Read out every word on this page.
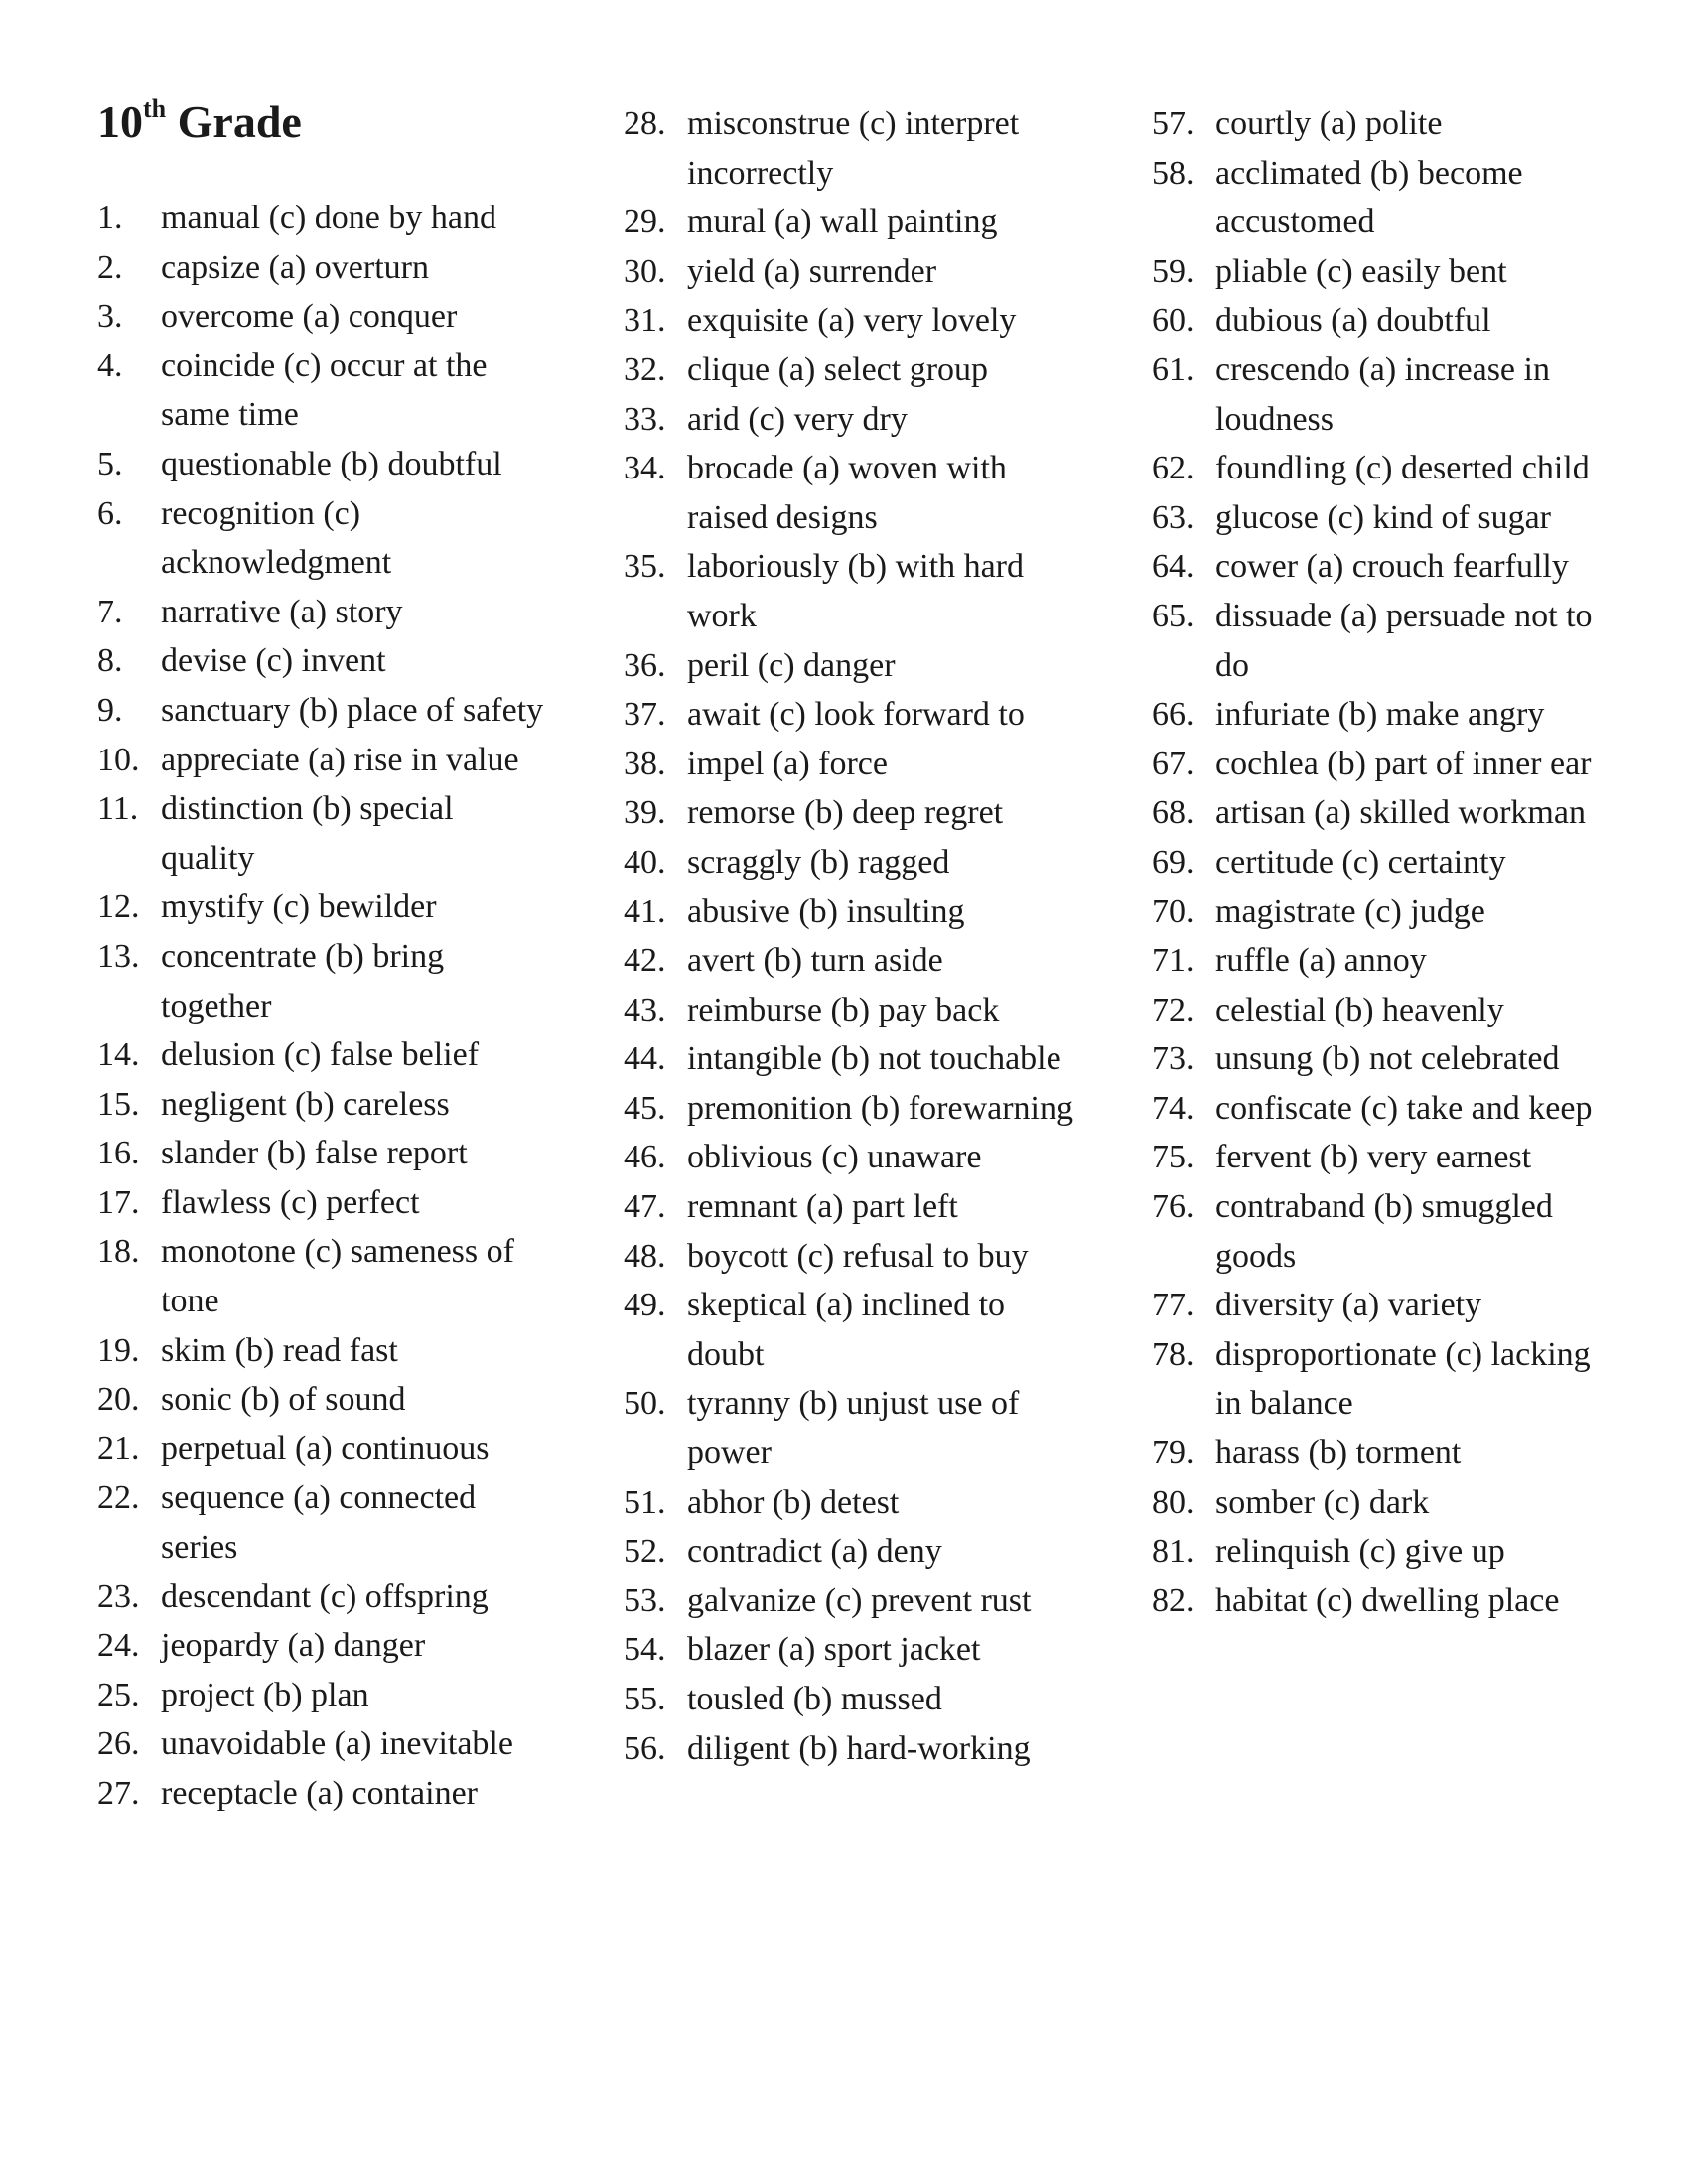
10th Grade
1.	manual (c) done by hand
2.	capsize (a) overturn
3.	overcome (a) conquer
4.	coincide (c) occur at the same time
5.	questionable (b) doubtful
6.	recognition (c) acknowledgment
7.	narrative (a) story
8.	devise (c) invent
9.	sanctuary (b) place of safety
10. appreciate (a) rise in value
11. distinction (b) special quality
12. mystify (c) bewilder
13. concentrate (b) bring together
14. delusion (c) false belief
15. negligent (b) careless
16. slander (b) false report
17. flawless (c) perfect
18. monotone (c) sameness of tone
19. skim (b) read fast
20. sonic (b) of sound
21. perpetual (a) continuous
22. sequence (a) connected series
23. descendant (c) offspring
24. jeopardy (a) danger
25. project (b) plan
26. unavoidable (a) inevitable
27. receptacle (a) container
28. misconstrue (c) interpret incorrectly
29. mural (a) wall painting
30. yield (a) surrender
31. exquisite (a) very lovely
32. clique (a) select group
33. arid (c) very dry
34. brocade (a) woven with raised designs
35. laboriously (b) with hard work
36. peril (c) danger
37. await (c) look forward to
38. impel (a) force
39. remorse (b) deep regret
40. scraggly (b) ragged
41. abusive (b) insulting
42. avert (b) turn aside
43. reimburse (b) pay back
44. intangible (b) not touchable
45. premonition (b) forewarning
46. oblivious (c) unaware
47. remnant (a) part left
48. boycott (c) refusal to buy
49. skeptical (a) inclined to doubt
50. tyranny (b) unjust use of power
51. abhor (b) detest
52. contradict (a) deny
53. galvanize (c) prevent rust
54. blazer (a) sport jacket
55. tousled (b) mussed
56. diligent (b) hard-working
57. courtly (a) polite
58. acclimated (b) become accustomed
59. pliable (c) easily bent
60. dubious (a) doubtful
61. crescendo (a) increase in loudness
62. foundling (c) deserted child
63. glucose (c) kind of sugar
64. cower (a) crouch fearfully
65. dissuade (a) persuade not to do
66. infuriate (b) make angry
67. cochlea (b) part of inner ear
68. artisan (a) skilled workman
69. certitude (c) certainty
70. magistrate (c) judge
71. ruffle (a) annoy
72. celestial (b) heavenly
73. unsung (b) not celebrated
74. confiscate (c) take and keep
75. fervent (b) very earnest
76. contraband (b) smuggled goods
77. diversity (a) variety
78. disproportionate (c) lacking in balance
79. harass (b) torment
80. somber (c) dark
81. relinquish (c) give up
82. habitat (c) dwelling place
